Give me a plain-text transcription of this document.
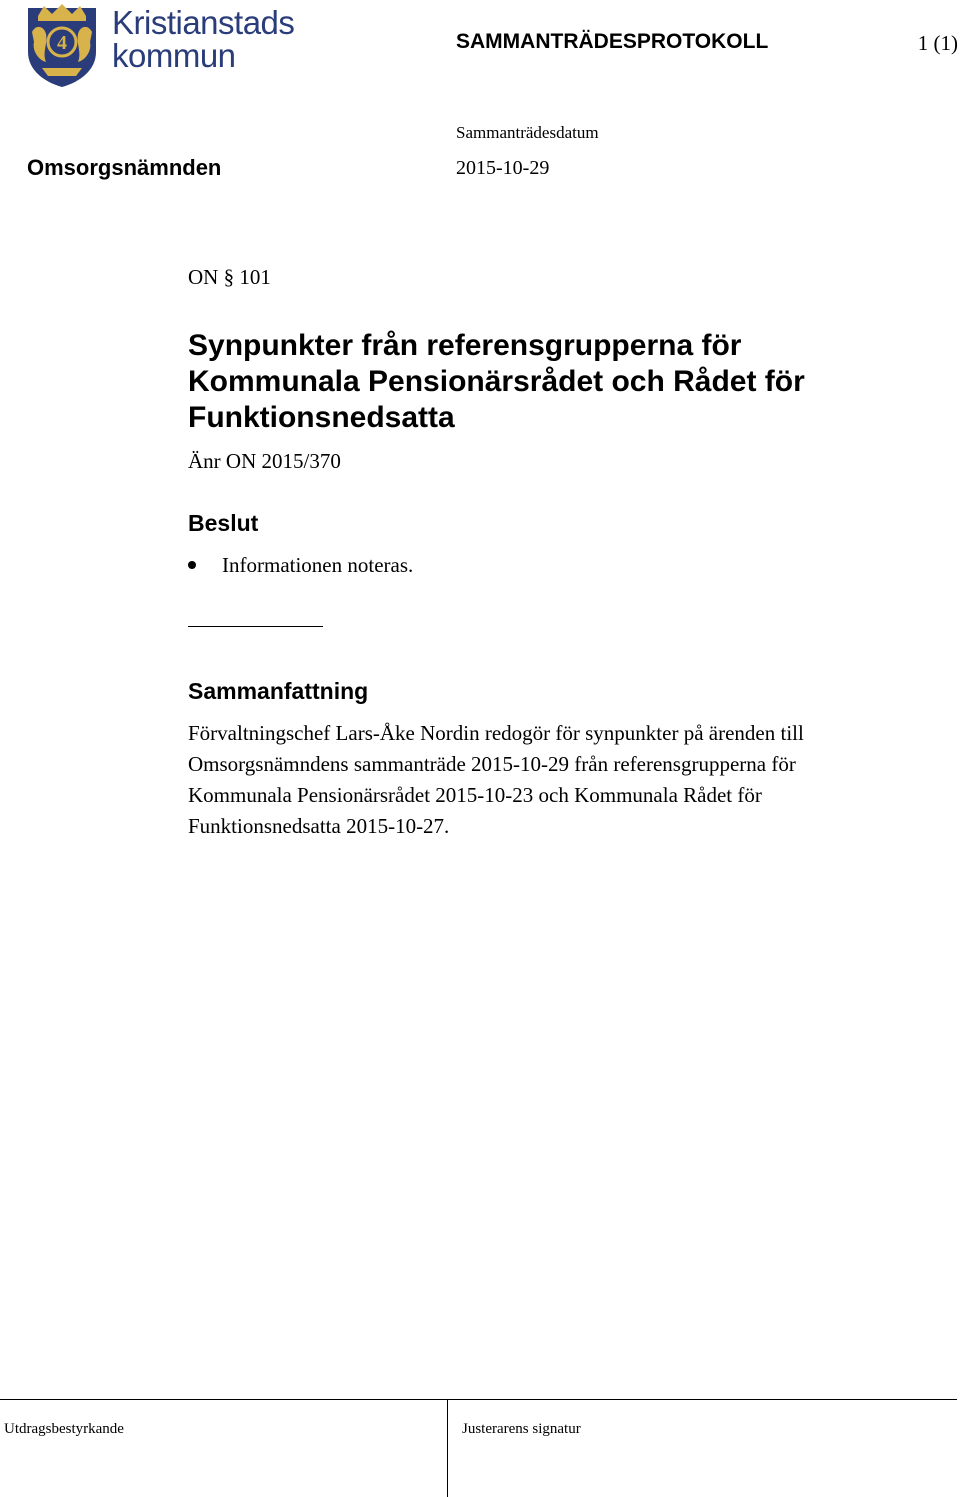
4
Kristianstads
kommun	SAMMANTRÄDESPROTOKOLL	1 (1)
Sammanträdesdatum
2015-10-29
Omsorgsnämnden
ON § 101
Synpunkter från referensgrupperna för Kommunala Pensionärsrådet och Rådet för Funktionsnedsatta
Änr ON 2015/370
Beslut
Informationen noteras.
Sammanfattning

Förvaltningschef Lars-Åke Nordin redogör för synpunkter på ärenden till Omsorgsnämndens sammanträde 2015-10-29 från referensgrupperna för Kommunala Pensionärsrådet 2015-10-23 och Kommunala Rådet för Funktionsnedsatta 2015-10-27.

Utdragsbestyrkande	Justerarens signatur
